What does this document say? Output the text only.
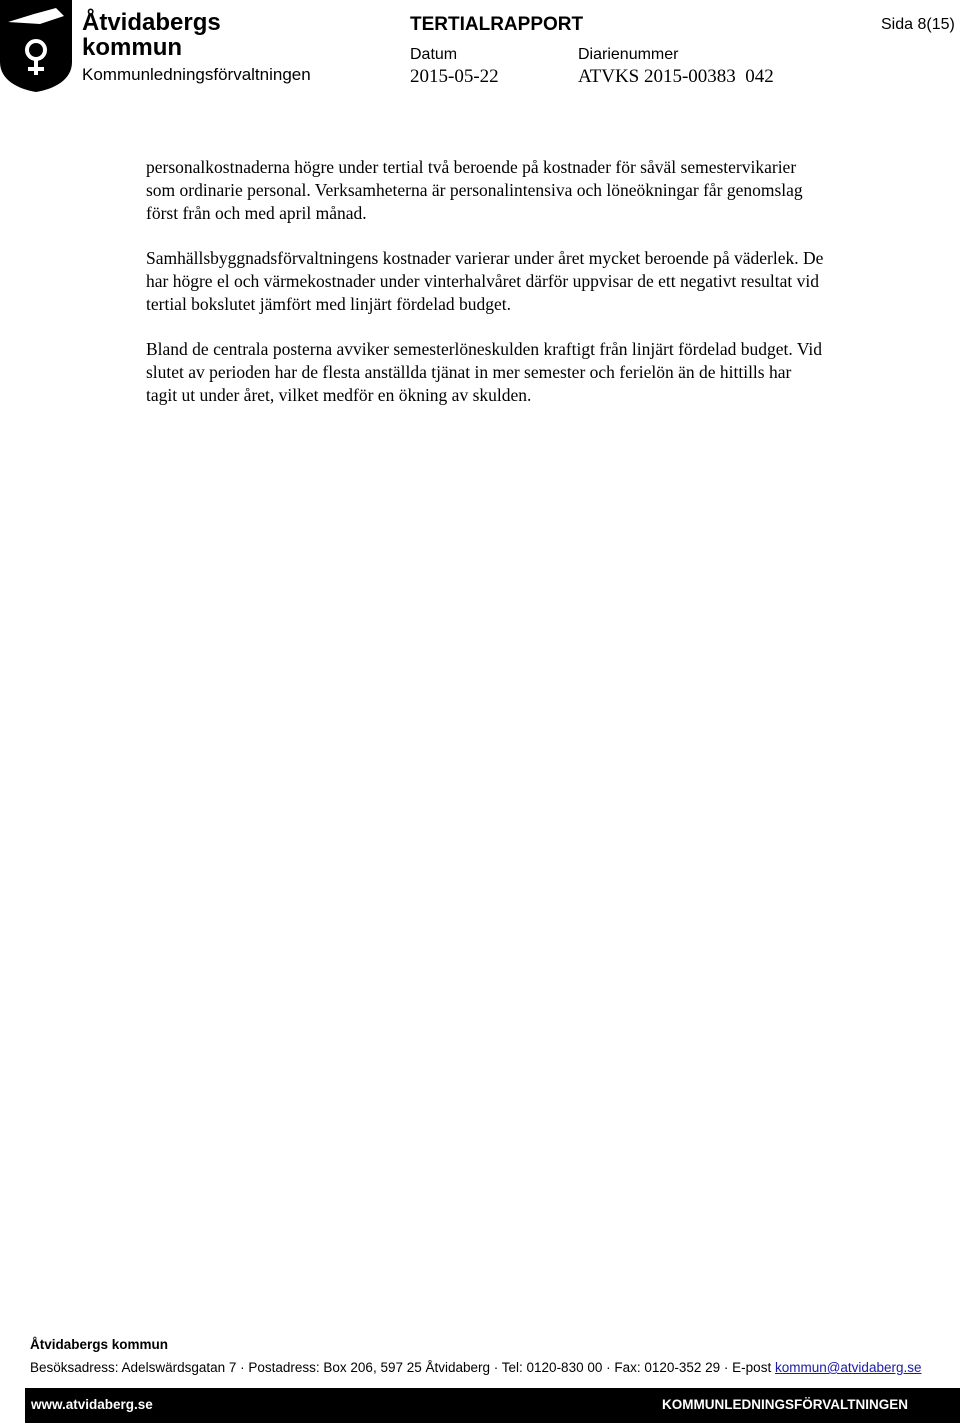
Åtvidabergs
kommun
Kommunledningsförvaltningen
TERTIALRAPPORT	Sida 8(15)
Datum
2015-05-22
Diarienummer
ATVKS 2015-00383  042

personalkostnaderna högre under tertial två beroende på kostnader för såväl semestervikarier som ordinarie personal. Verksamheterna är personalintensiva och löneökningar får genomslag först från och med april månad.

Samhällsbyggnadsförvaltningens kostnader varierar under året mycket beroende på väderlek. De har högre el och värmekostnader under vinterhalvåret därför uppvisar de ett negativt resultat vid tertial bokslutet jämfört med linjärt fördelad budget.

Bland de centrala posterna avviker semesterlöneskulden kraftigt från linjärt fördelad budget. Vid slutet av perioden har de flesta anställda tjänat in mer semester och ferielön än de hittills har tagit ut under året, vilket medför en ökning av skulden.

Åtvidabergs kommun
Besöksadress: Adelswärdsgatan 7 · Postadress: Box 206, 597 25 Åtvidaberg · Tel: 0120-830 00 · Fax: 0120-352 29 · E-post kommun@atvidaberg.se
www.atvidaberg.se	KOMMUNLEDNINGSFÖRVALTNINGEN
